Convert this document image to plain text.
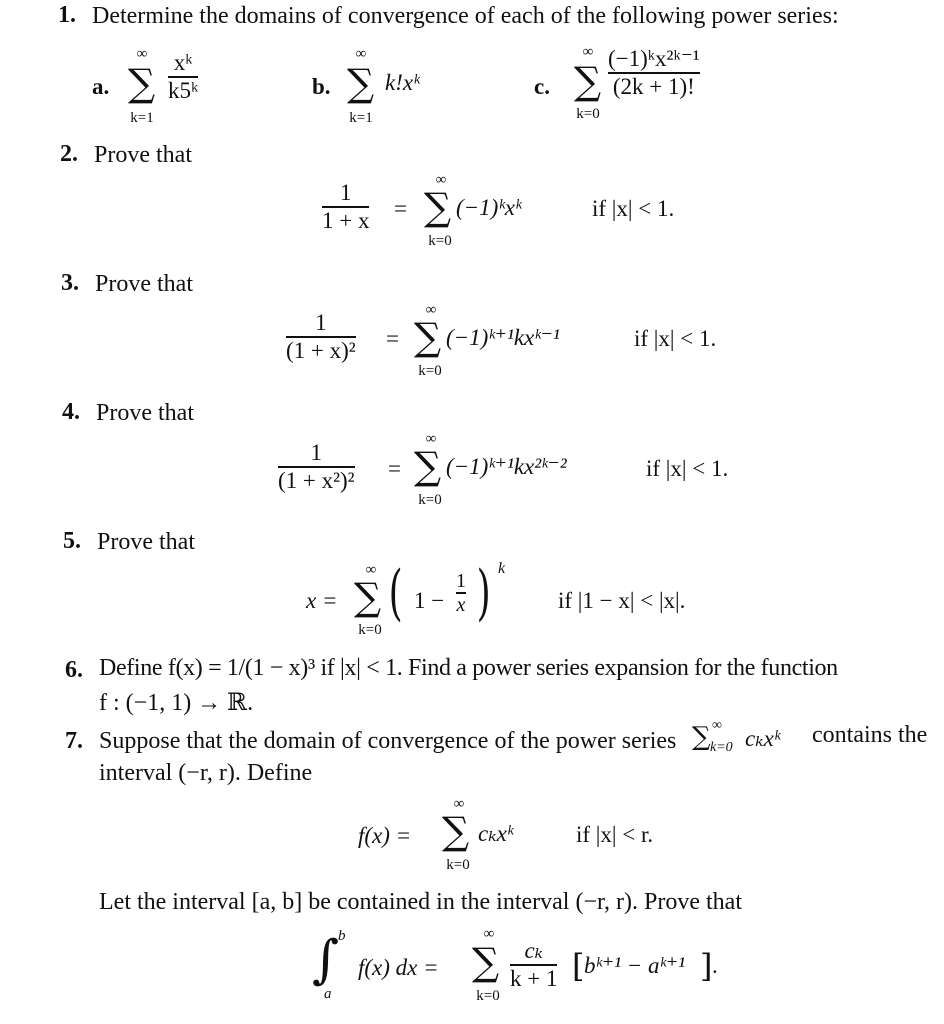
1. Determine the domains of convergence of each of the following power series:
a.
∞
∑
k=1
xᵏ
k5ᵏ	b.
∞
∑
k=1
k!xᵏ	c.
∞
∑
k=0
(−1)ᵏx²ᵏ⁻¹
(2k + 1)!
2. Prove that
1
1 + x =
∞
∑
k=0
(−1)ᵏxᵏ	if |x| < 1.
3. Prove that
1
(1 + x)² =
∞
∑
k=0
(−1)ᵏ⁺¹kxᵏ⁻¹	if |x| < 1.
4. Prove that
1
(1 + x²)² =
∞
∑
k=0
(−1)ᵏ⁺¹kx²ᵏ⁻²	if |x| < 1.
5. Prove that
x =
∞
∑
k=0
( 1 −
1
x ) k
if |1 − x| < |x|.
6. Define f(x) = 1/(1 − x)³ if |x| < 1. Find a power series expansion for the function
f : (−1, 1) → ℝ.
7. Suppose that the domain of convergence of the power series ∑ ∞
k=0 cₖxᵏ contains the
interval (−r, r). Define
f(x) =
∞
∑
k=0
cₖxᵏ	if |x| < r.
Let the interval [a, b] be contained in the interval (−r, r). Prove that
∫
b
a
f(x) dx =
∞
∑
k=0
cₖ
k + 1 [ bᵏ⁺¹ − aᵏ⁺¹ ] .
